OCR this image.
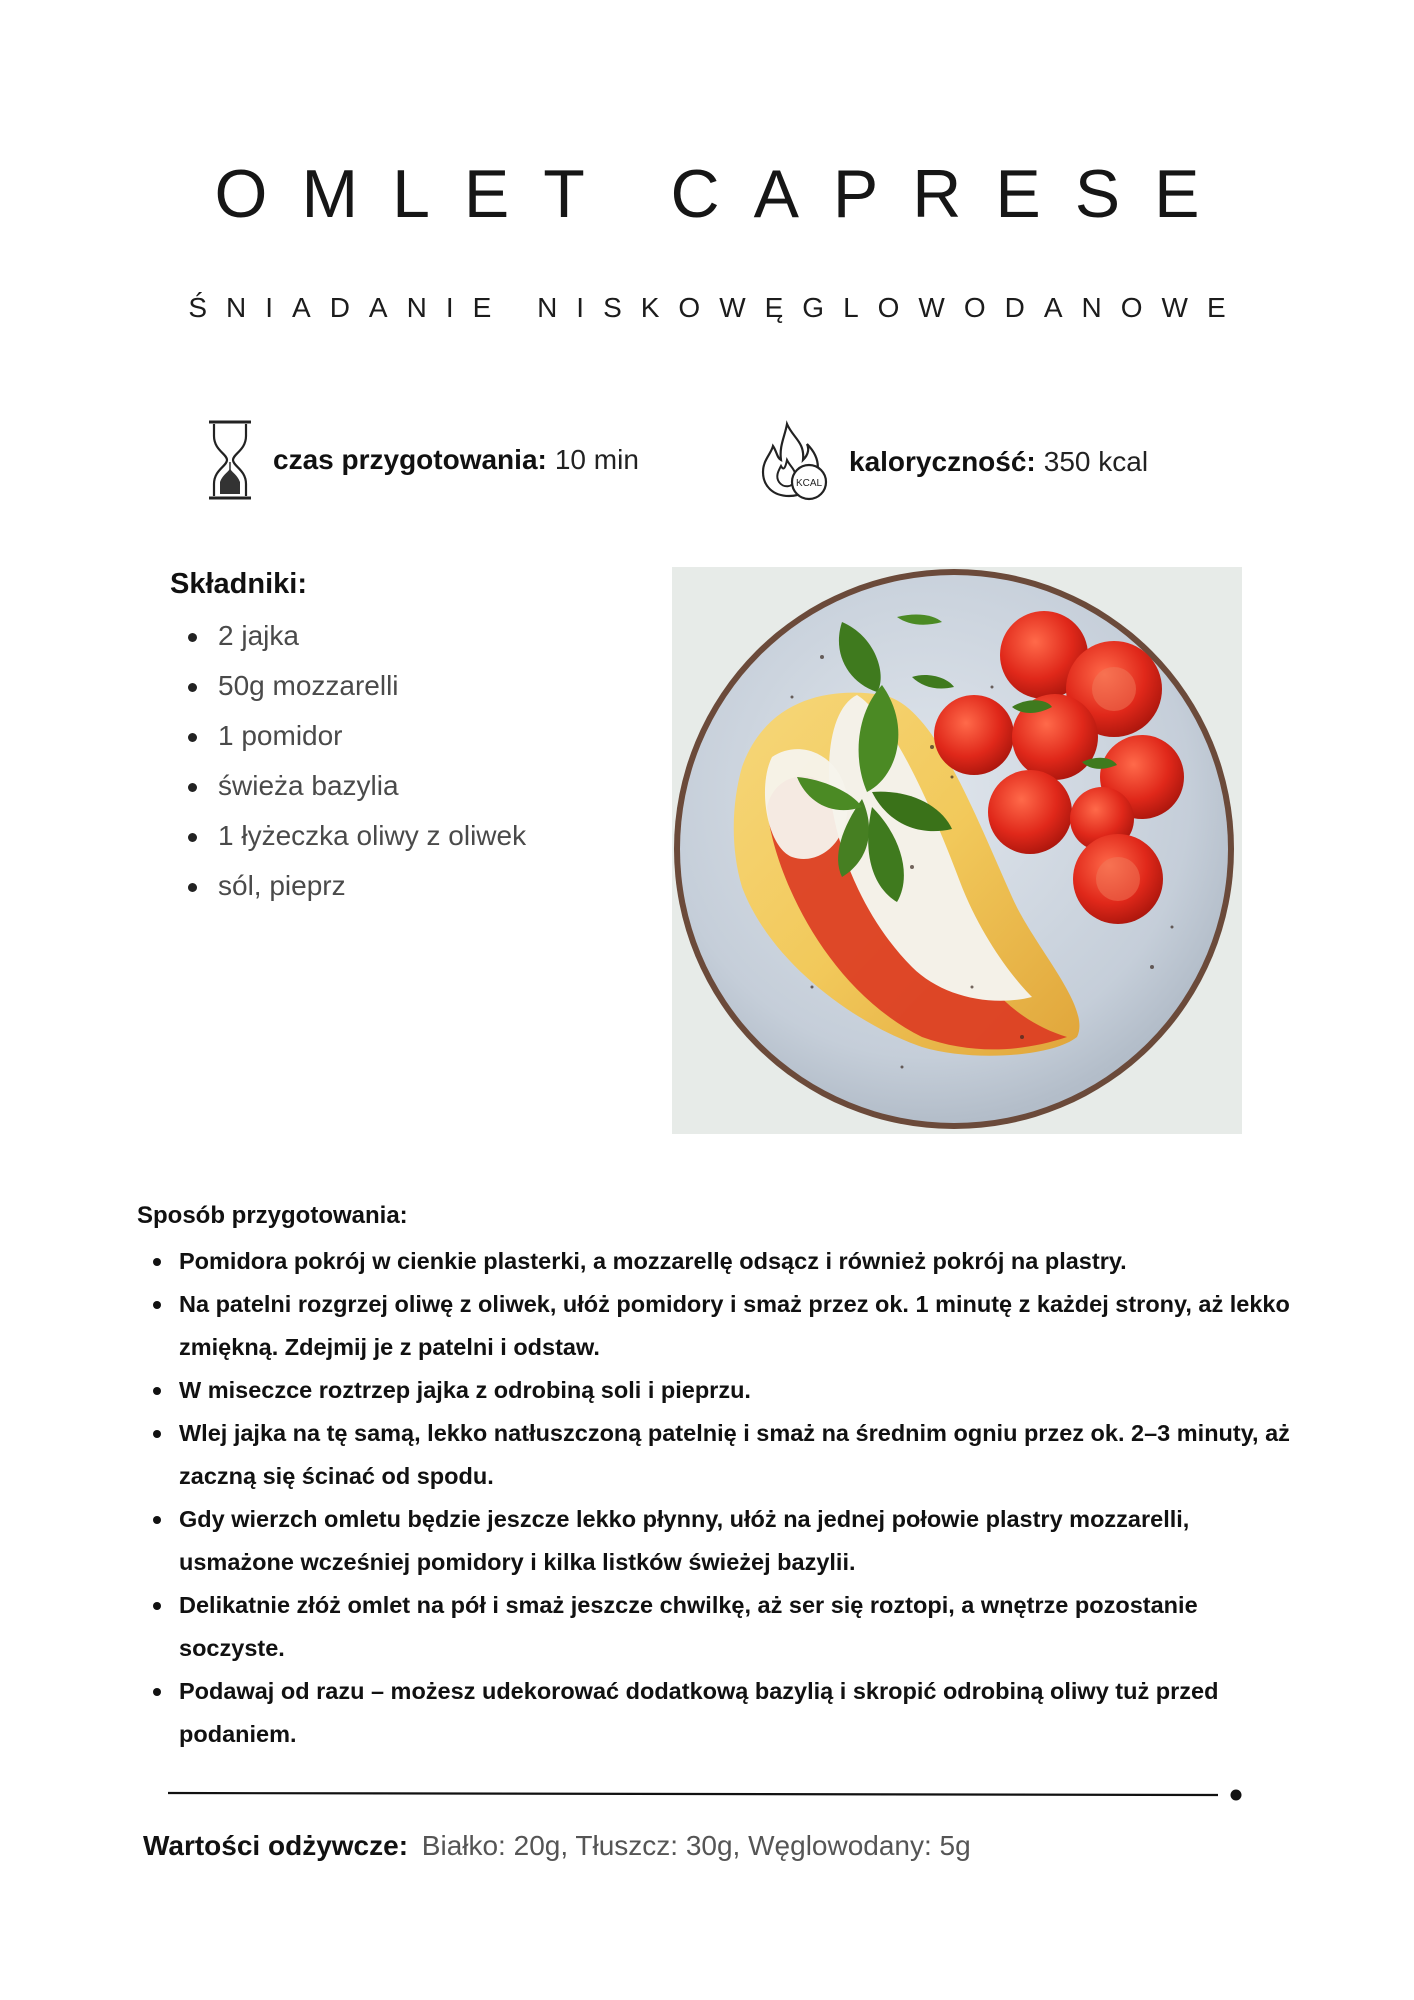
OMLET CAPRESE
ŚNIADANIE NISKOWĘGLOWODANOWE
czas przygotowania: 10 min
KCAL
kaloryczność: 350 kcal
Składniki:
2 jajka
50g mozzarelli
1 pomidor
świeża bazylia
1 łyżeczka oliwy z oliwek
sól, pieprz
Sposób przygotowania:
Pomidora pokrój w cienkie plasterki, a mozzarellę odsącz i również pokrój na plastry.
Na patelni rozgrzej oliwę z oliwek, ułóż pomidory i smaż przez ok. 1 minutę z każdej strony, aż lekko zmiękną. Zdejmij je z patelni i odstaw.
W miseczce roztrzep jajka z odrobiną soli i pieprzu.
Wlej jajka na tę samą, lekko natłuszczoną patelnię i smaż na średnim ogniu przez ok. 2–3 minuty, aż zaczną się ścinać od spodu.
Gdy wierzch omletu będzie jeszcze lekko płynny, ułóż na jednej połowie plastry mozzarelli, usmażone wcześniej pomidory i kilka listków świeżej bazylii.
Delikatnie złóż omlet na pół i smaż jeszcze chwilkę, aż ser się roztopi, a wnętrze pozostanie soczyste.
Podawaj od razu – możesz udekorować dodatkową bazylią i skropić odrobiną oliwy tuż przed podaniem.
Wartości odżywcze: Białko: 20g, Tłuszcz: 30g, Węglowodany: 5g
